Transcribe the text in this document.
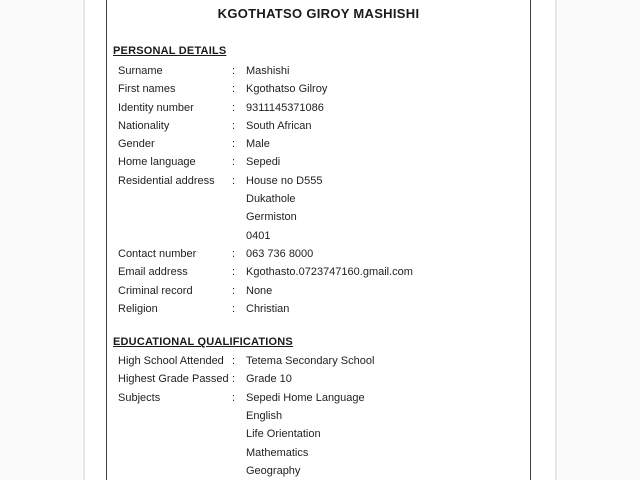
KGOTHATSO GIROY MASHISHI
PERSONAL DETAILS
Surname	: Mashishi
First names	: Kgothatso Gilroy
Identity number	: 9311145371086
Nationality	: South African
Gender	: Male
Home language	: Sepedi
Residential address	: House no D555
Dukathole
Germiston
0401
Contact number	: 063 736 8000
Email address	: Kgothasto.0723747160.gmail.com
Criminal record	: None
Religion	: Christian
EDUCATIONAL QUALIFICATIONS
High School Attended : Tetema Secondary School
Highest Grade Passed : Grade 10
Subjects	: Sepedi Home Language
English
Life Orientation
Mathematics
Geography
